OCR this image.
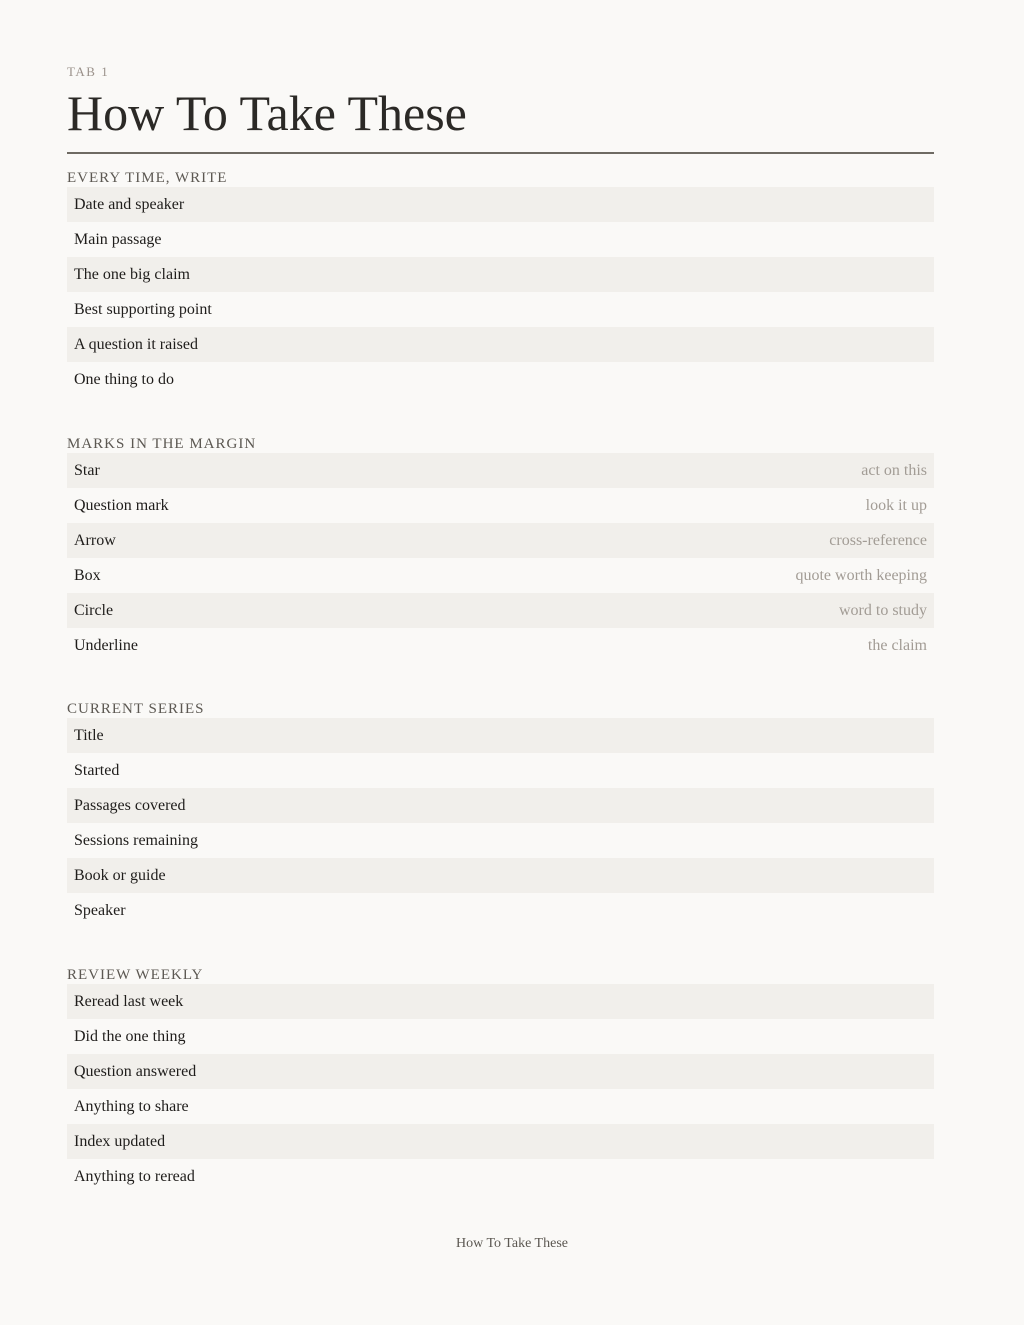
TAB 1
How To Take These
EVERY TIME, WRITE
Date and speaker
Main passage
The one big claim
Best supporting point
A question it raised
One thing to do
MARKS IN THE MARGIN
Star	act on this
Question mark	look it up
Arrow	cross-reference
Box	quote worth keeping
Circle	word to study
Underline	the claim
CURRENT SERIES
Title
Started
Passages covered
Sessions remaining
Book or guide
Speaker
REVIEW WEEKLY
Reread last week
Did the one thing
Question answered
Anything to share
Index updated
Anything to reread
How To Take These
